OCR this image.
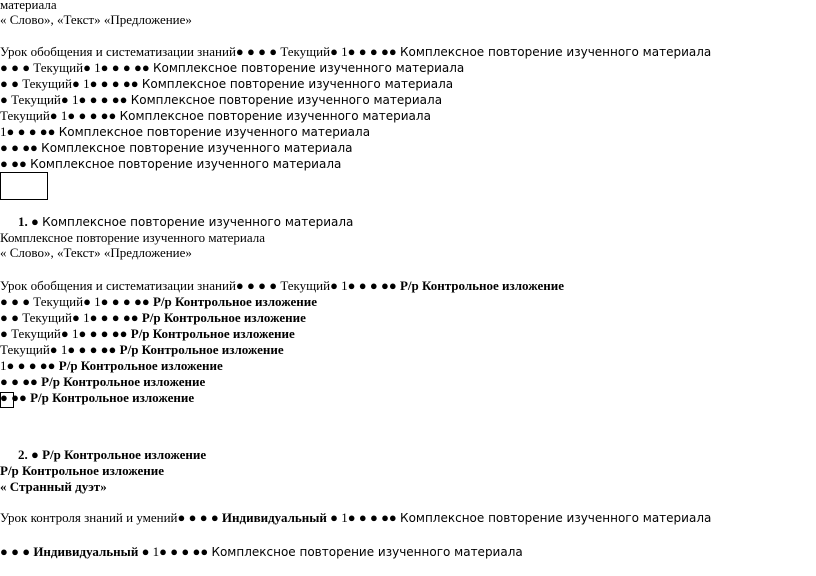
материала
« Слово», «Текст» «Предложение»
Урок обобщения и систематизации знаний● ● ● ● Текущий● 1● ● ● ●● Комплексное повторение изученного материала
● ● ● Текущий● 1● ● ● ●● Комплексное повторение изученного материала
● ● Текущий● 1● ● ● ●● Комплексное повторение изученного материала
● Текущий● 1● ● ● ●● Комплексное повторение изученного материала
Текущий● 1● ● ● ●● Комплексное повторение изученного материала
1● ● ● ●● Комплексное повторение изученного материала
● ● ●● Комплексное повторение изученного материала
● ●● Комплексное повторение изученного материала
1. ● Комплексное повторение изученного материала
Комплексное повторение изученного материала
« Слово», «Текст» «Предложение»
Урок обобщения и систематизации знаний● ● ● ● Текущий● 1● ● ● ●● Р/р Контрольное изложение
● ● ● Текущий● 1● ● ● ●● Р/р Контрольное изложение
● ● Текущий● 1● ● ● ●● Р/р Контрольное изложение
● Текущий● 1● ● ● ●● Р/р Контрольное изложение
Текущий● 1● ● ● ●● Р/р Контрольное изложение
1● ● ● ●● Р/р Контрольное изложение
● ● ●● Р/р Контрольное изложение
● ●● Р/р Контрольное изложение
2. ● Р/р Контрольное изложение
Р/р Контрольное изложение
« Странный дуэт»
Урок контроля знаний и умений● ● ● ● Индивидуальный ● 1● ● ● ●● Комплексное повторение изученного материала
● ● ● Индивидуальный ● 1● ● ● ●● Комплексное повторение изученного материала
